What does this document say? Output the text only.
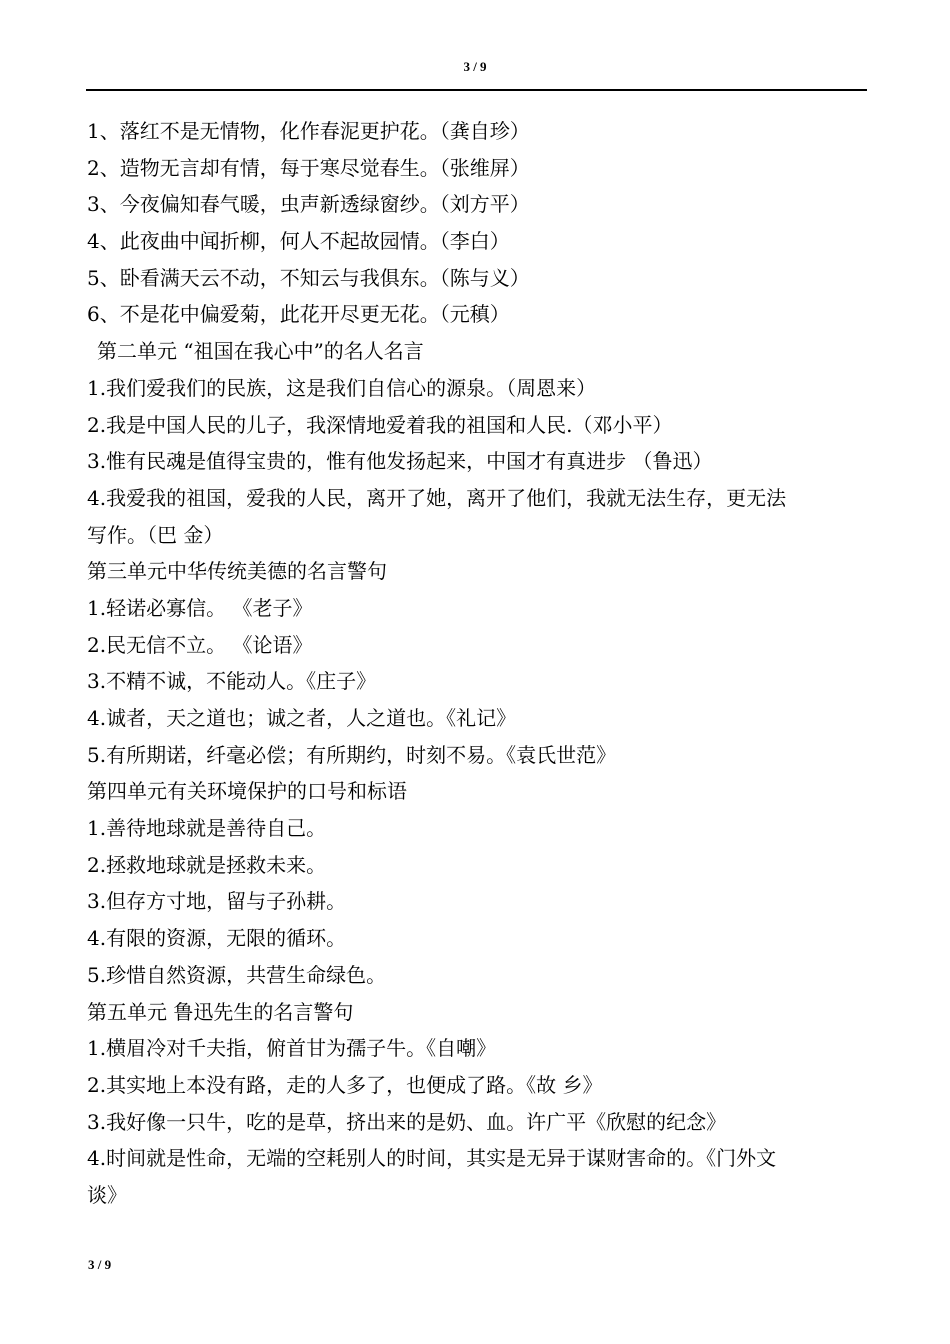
3 / 9
1、落红不是无情物，化作春泥更护花。（龚自珍）
2、造物无言却有情，每于寒尽觉春生。（张维屏）
3、今夜偏知春气暖，虫声新透绿窗纱。（刘方平）
4、此夜曲中闻折柳，何人不起故园情。（李白）
5、卧看满天云不动，不知云与我俱东。（陈与义）
6、不是花中偏爱菊，此花开尽更无花。（元稹）
第二单元 “祖国在我心中”的名人名言
1.我们爱我们的民族，这是我们自信心的源泉。（周恩来）
2.我是中国人民的儿子，我深情地爱着我的祖国和人民.（邓小平）
3.惟有民魂是值得宝贵的，惟有他发扬起来，中国才有真进步 （鲁迅）
4.我爱我的祖国，爱我的人民，离开了她，离开了他们，我就无法生存，更无法
写作。（巴 金）
第三单元中华传统美德的名言警句
1.轻诺必寡信。 《老子》
2.民无信不立。 《论语》
3.不精不诚，不能动人。《庄子》
4.诚者，天之道也；诚之者，人之道也。《礼记》
5.有所期诺，纤毫必偿；有所期约，时刻不易。《袁氏世范》
第四单元有关环境保护的口号和标语
1.善待地球就是善待自己。
2.拯救地球就是拯救未来。
3.但存方寸地，留与子孙耕。
4.有限的资源，无限的循环。
5.珍惜自然资源，共营生命绿色。
第五单元 鲁迅先生的名言警句
1.横眉冷对千夫指，俯首甘为孺子牛。《自嘲》
2.其实地上本没有路，走的人多了，也便成了路。《故 乡》
3.我好像一只牛，吃的是草，挤出来的是奶、血。许广平《欣慰的纪念》
4.时间就是性命，无端的空耗别人的时间，其实是无异于谋财害命的。《门外文
谈》
3 / 9
